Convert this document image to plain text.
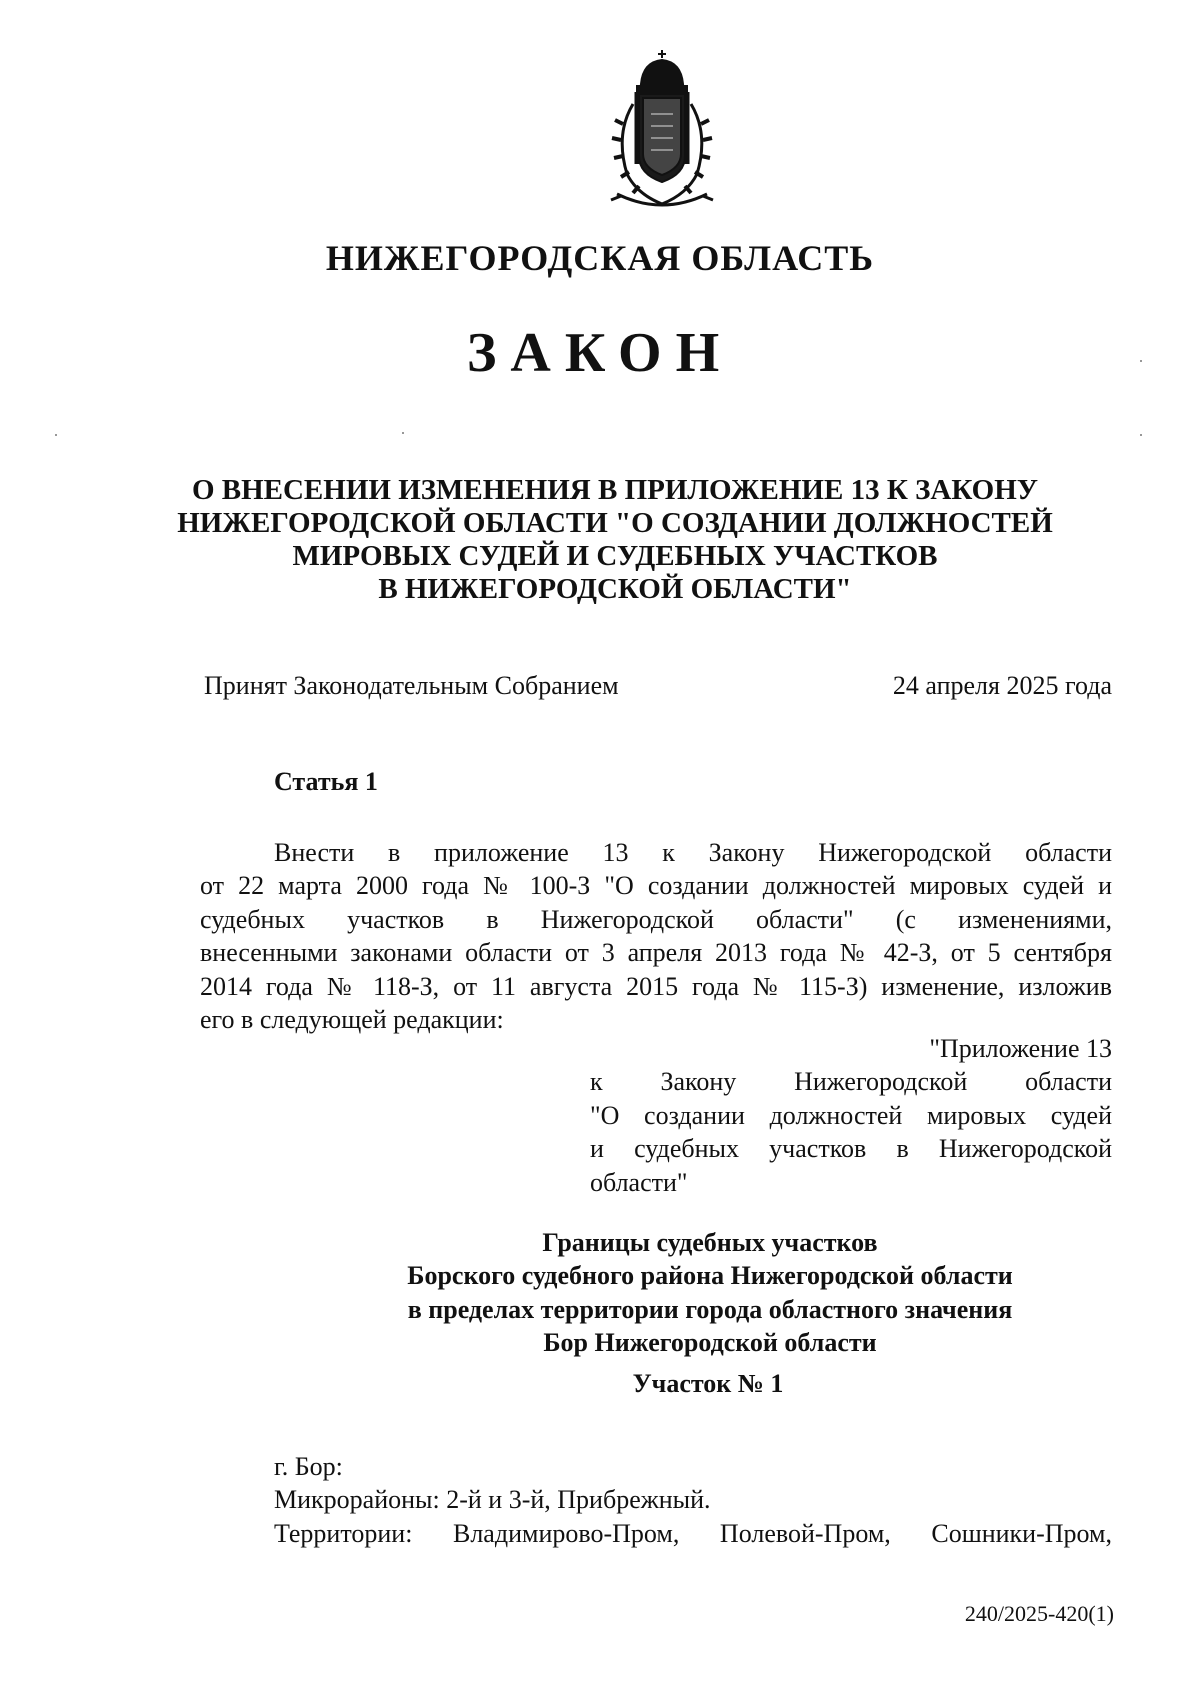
НИЖЕГОРОДСКАЯ ОБЛАСТЬ
ЗАКОН
О ВНЕСЕНИИ ИЗМЕНЕНИЯ В ПРИЛОЖЕНИЕ 13 К ЗАКОНУ
НИЖЕГОРОДСКОЙ ОБЛАСТИ "О СОЗДАНИИ ДОЛЖНОСТЕЙ
МИРОВЫХ СУДЕЙ И СУДЕБНЫХ УЧАСТКОВ
В НИЖЕГОРОДСКОЙ ОБЛАСТИ"
Принят Законодательным Собранием	24 апреля 2025 года
Статья 1
Внести в приложение 13 к Закону Нижегородской области
от 22 марта 2000 года № 100-З "О создании должностей мировых судей и
судебных участков в Нижегородской области" (с изменениями,
внесенными законами области от 3 апреля 2013 года № 42-З, от 5 сентября
2014 года № 118-З, от 11 августа 2015 года № 115-З) изменение, изложив
его в следующей редакции:
"Приложение 13
к Закону Нижегородской области
"О создании должностей мировых судей
и судебных участков в Нижегородской
области"
Границы судебных участков
Борского судебного района Нижегородской области
в пределах территории города областного значения
Бор Нижегородской области
Участок № 1
г. Бор:
Микрорайоны: 2-й и 3-й, Прибрежный.
Территории: Владимирово-Пром, Полевой-Пром, Сошники-Пром,
240/2025-420(1)
